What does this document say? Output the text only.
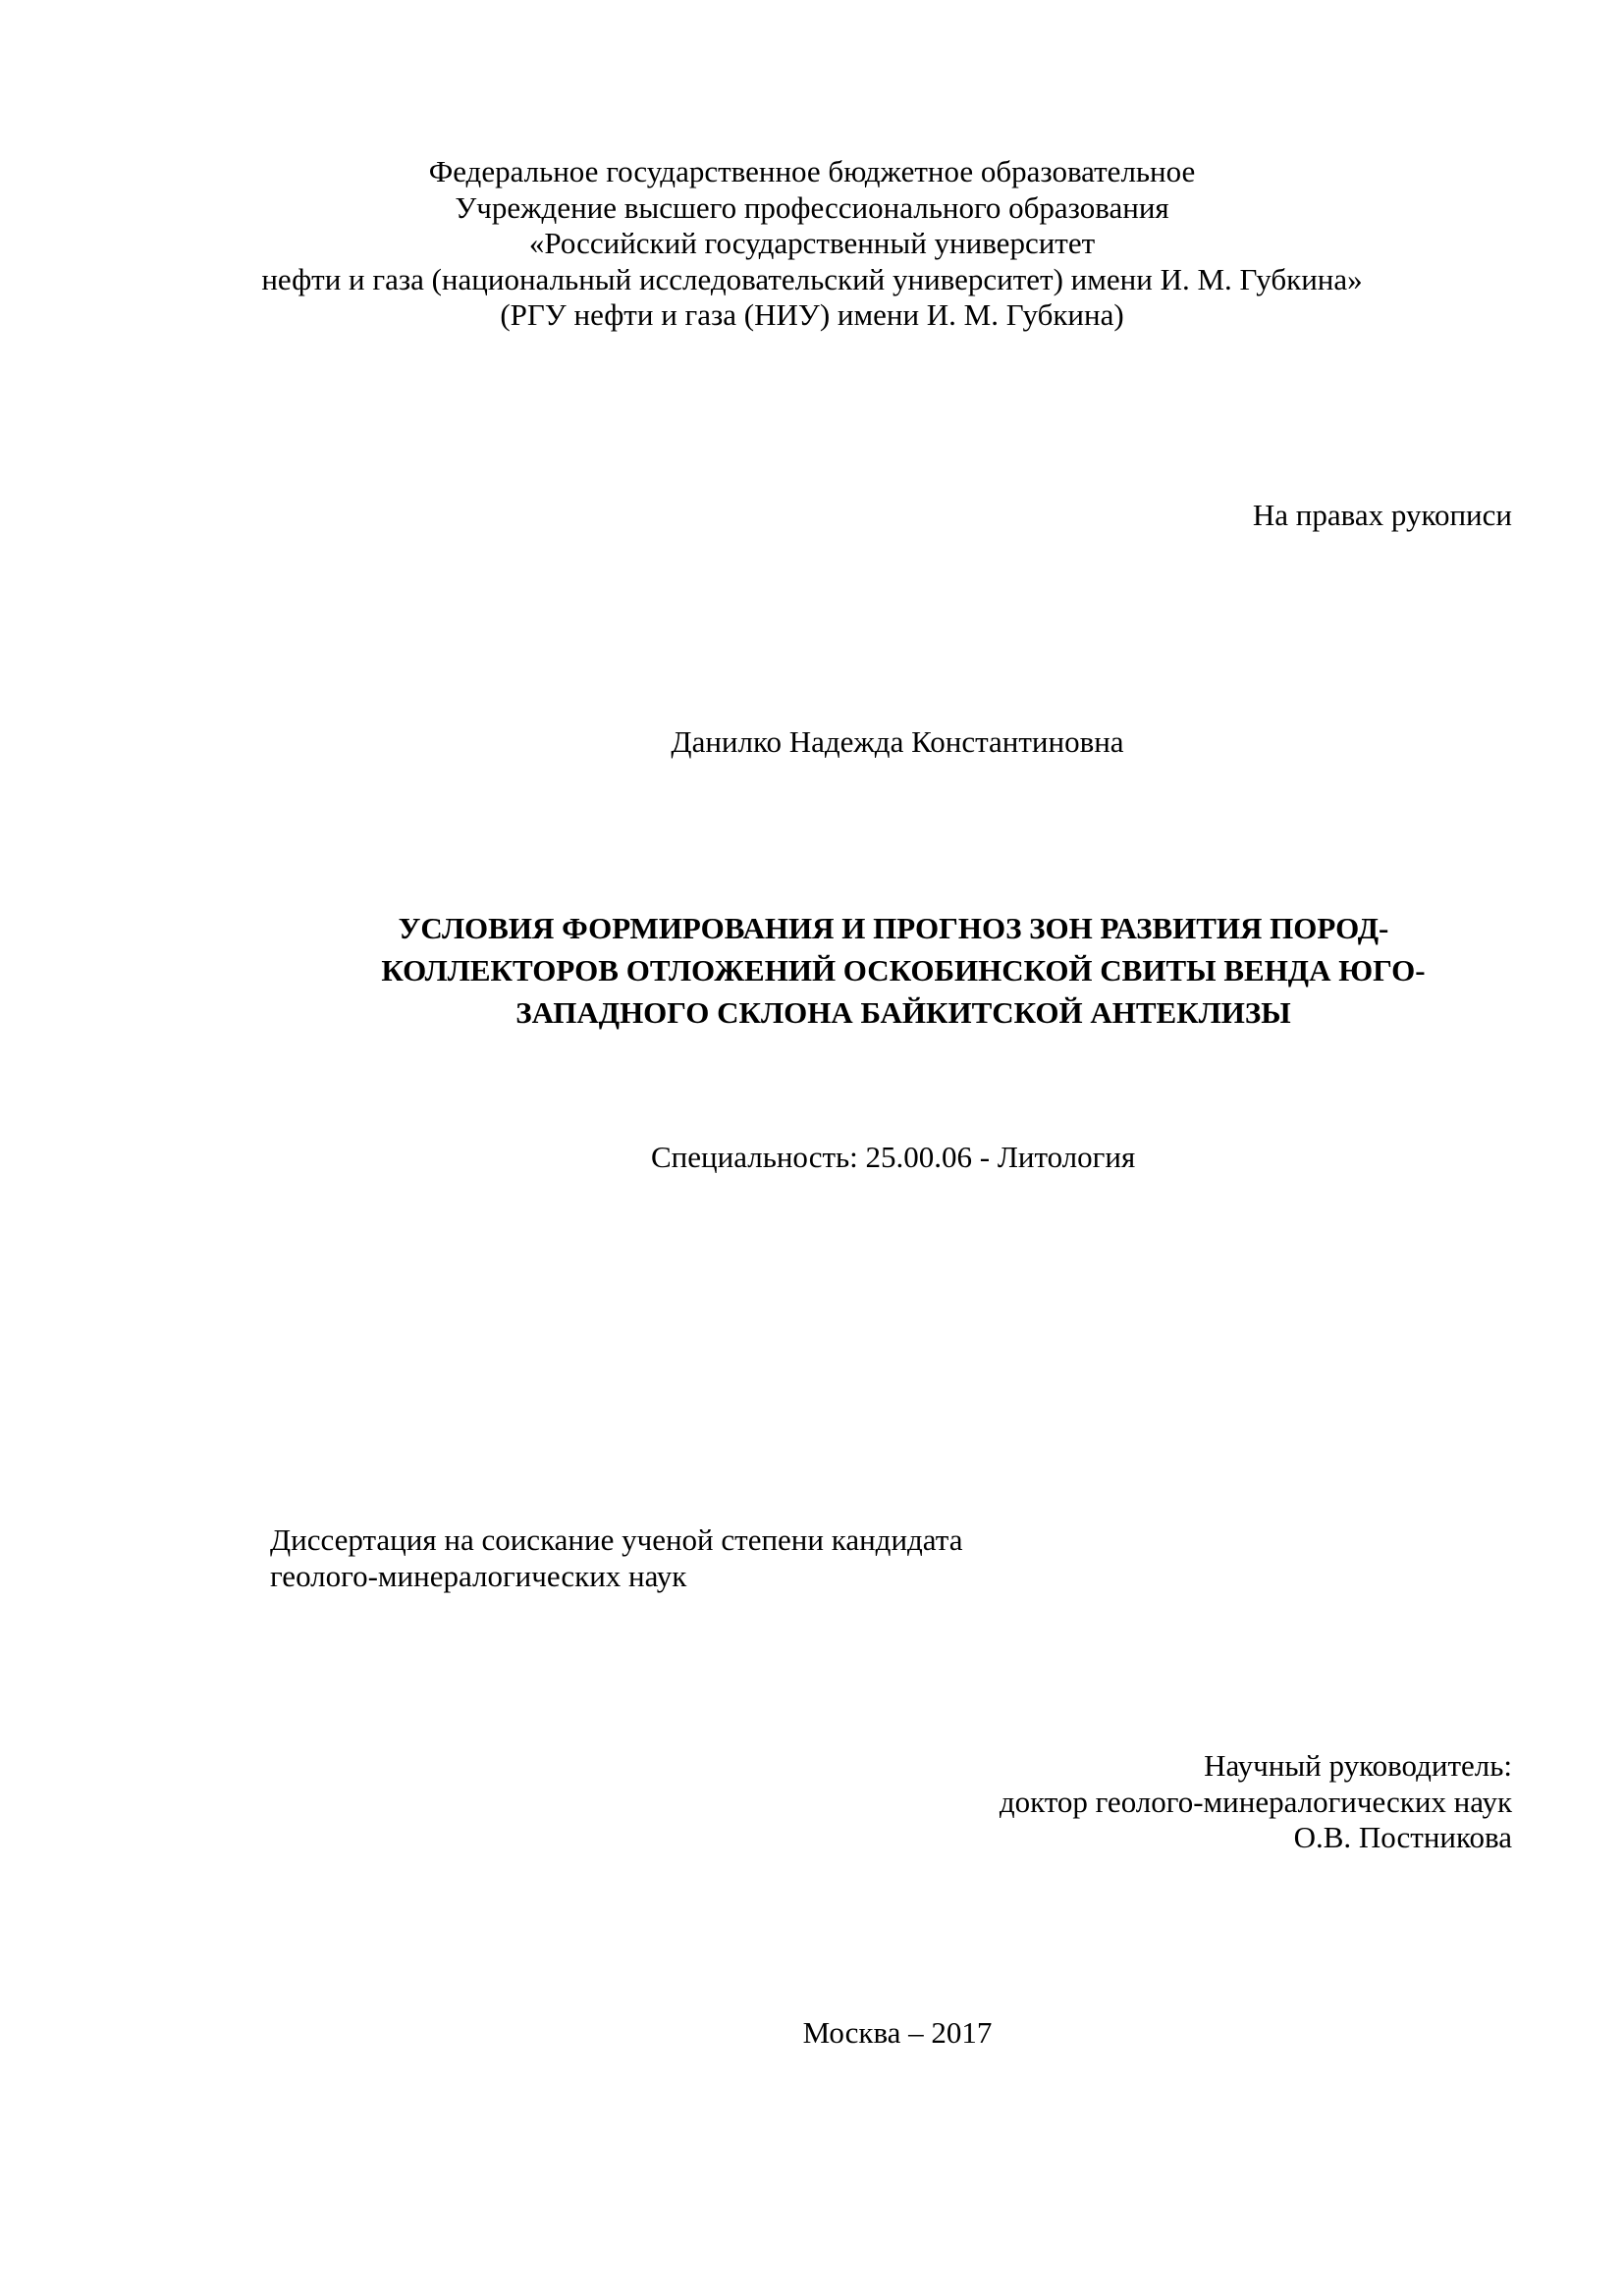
Федеральное государственное бюджетное образовательное
Учреждение высшего профессионального образования
«Российский государственный университет
нефти и газа (национальный исследовательский университет) имени И. М. Губкина»
(РГУ нефти и газа (НИУ) имени И. М. Губкина)
На правах рукописи
Данилко Надежда Константиновна
УСЛОВИЯ ФОРМИРОВАНИЯ И ПРОГНОЗ ЗОН РАЗВИТИЯ ПОРОД-
КОЛЛЕКТОРОВ ОТЛОЖЕНИЙ ОСКОБИНСКОЙ СВИТЫ ВЕНДА ЮГО-
ЗАПАДНОГО СКЛОНА БАЙКИТСКОЙ АНТЕКЛИЗЫ
Специальность: 25.00.06 - Литология
Диссертация на соискание ученой степени кандидата
геолого-минералогических наук
Научный руководитель:
доктор геолого-минералогических наук
О.В. Постникова
Москва – 2017
